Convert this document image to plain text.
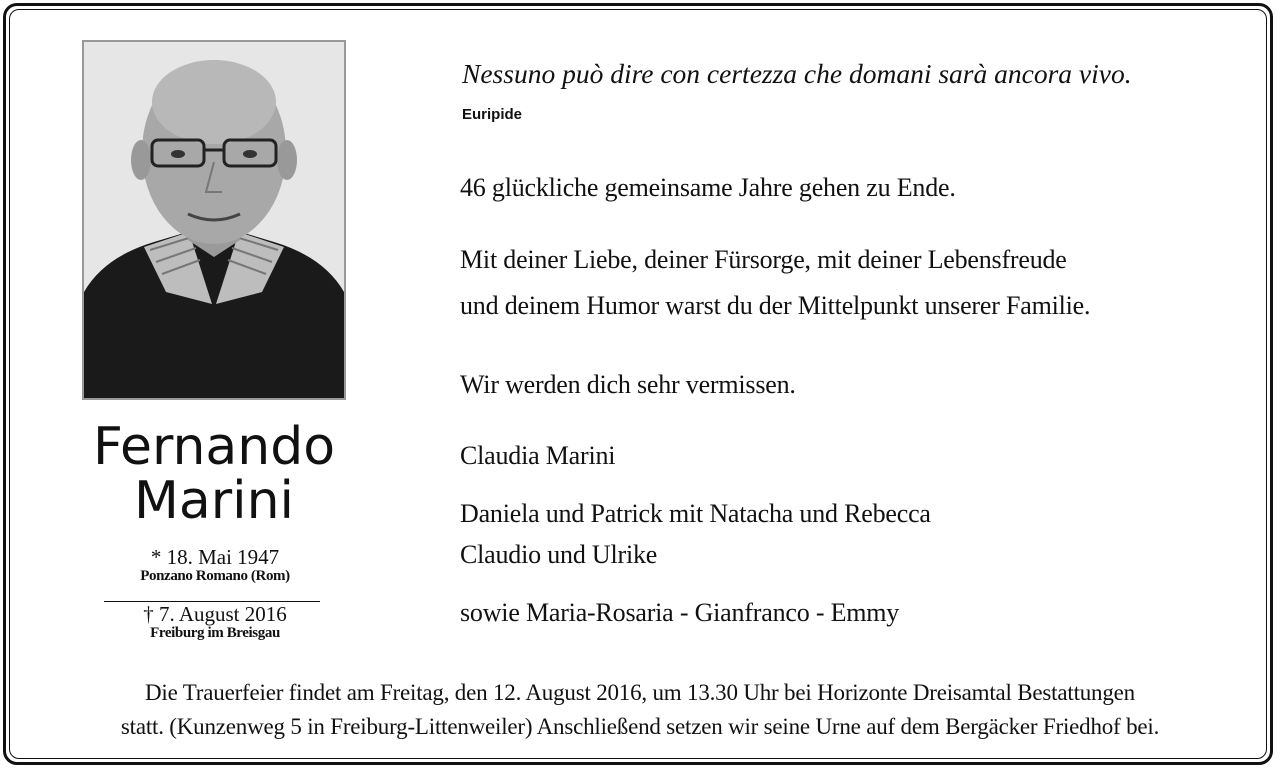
Fernando
Marini
* 18. Mai 1947
Ponzano Romano (Rom)
† 7. August 2016
Freiburg im Breisgau
Nessuno può dire con certezza che domani sarà ancora vivo.
Euripide
46 glückliche gemeinsame Jahre gehen zu Ende.
Mit deiner Liebe, deiner Fürsorge, mit deiner Lebensfreude
und deinem Humor warst du der Mittelpunkt unserer Familie.
Wir werden dich sehr vermissen.
Claudia Marini
Daniela und Patrick mit Natacha und Rebecca
Claudio und Ulrike
sowie Maria-Rosaria - Gianfranco - Emmy
Die Trauerfeier findet am Freitag, den 12. August 2016, um 13.30 Uhr bei Horizonte Dreisamtal Bestattungen
statt. (Kunzenweg 5 in Freiburg-Littenweiler) Anschließend setzen wir seine Urne auf dem Bergäcker Friedhof bei.
